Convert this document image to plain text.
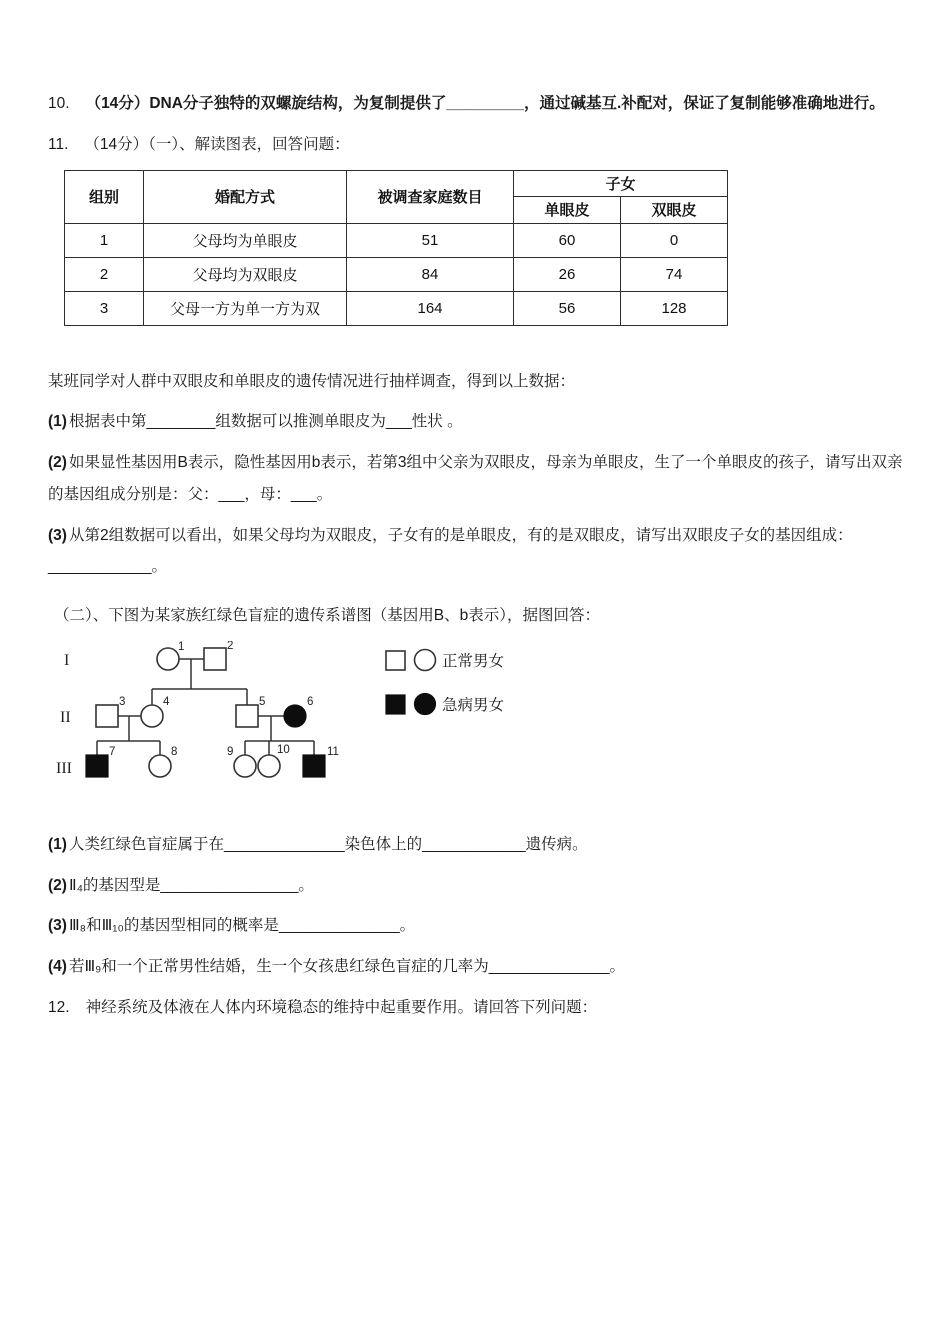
10. （14分）DNA分子独特的双螺旋结构，为复制提供了_________，通过碱基互.补配对，保证了复制能够准确地进行。

11. （14分）（一）、解读图表，回答问题：

组别	婚配方式	被调查家庭数目	子女	
			单眼皮	双眼皮
1	父母均为单眼皮	51	60	0
2	父母均为双眼皮	84	26	74
3	父母一方为单一方为双	164	56	128

某班同学对人群中双眼皮和单眼皮的遗传情况进行抽样调查，得到以上数据：

(1) 根据表中第________组数据可以推测单眼皮为___性状 。

(2) 如果显性基因用B表示，隐性基因用b表示，若第3组中父亲为双眼皮，母亲为单眼皮，生了一个单眼皮的孩子，请写出双亲的基因组成分别是：父：___，母：___。

(3) 从第2组数据可以看出，如果父母均为双眼皮，子女有的是单眼皮，有的是双眼皮，请写出双眼皮子女的基因组成：____________。

（二）、下图为某家族红绿色盲症的遗传系谱图（基因用B、b表示），据图回答：

I
II
III
1	2
3	4	5	6
7	8	9	10	11
正常男女
急病男女

(1) 人类红绿色盲症属于在______________染色体上的____________遗传病。

(2) Ⅱ₄的基因型是________________。

(3) Ⅲ₈和Ⅲ₁₀的基因型相同的概率是______________。

(4) 若Ⅲ₉和一个正常男性结婚，生一个女孩患红绿色盲症的几率为______________。

12. 神经系统及体液在人体内环境稳态的维持中起重要作用。请回答下列问题：
